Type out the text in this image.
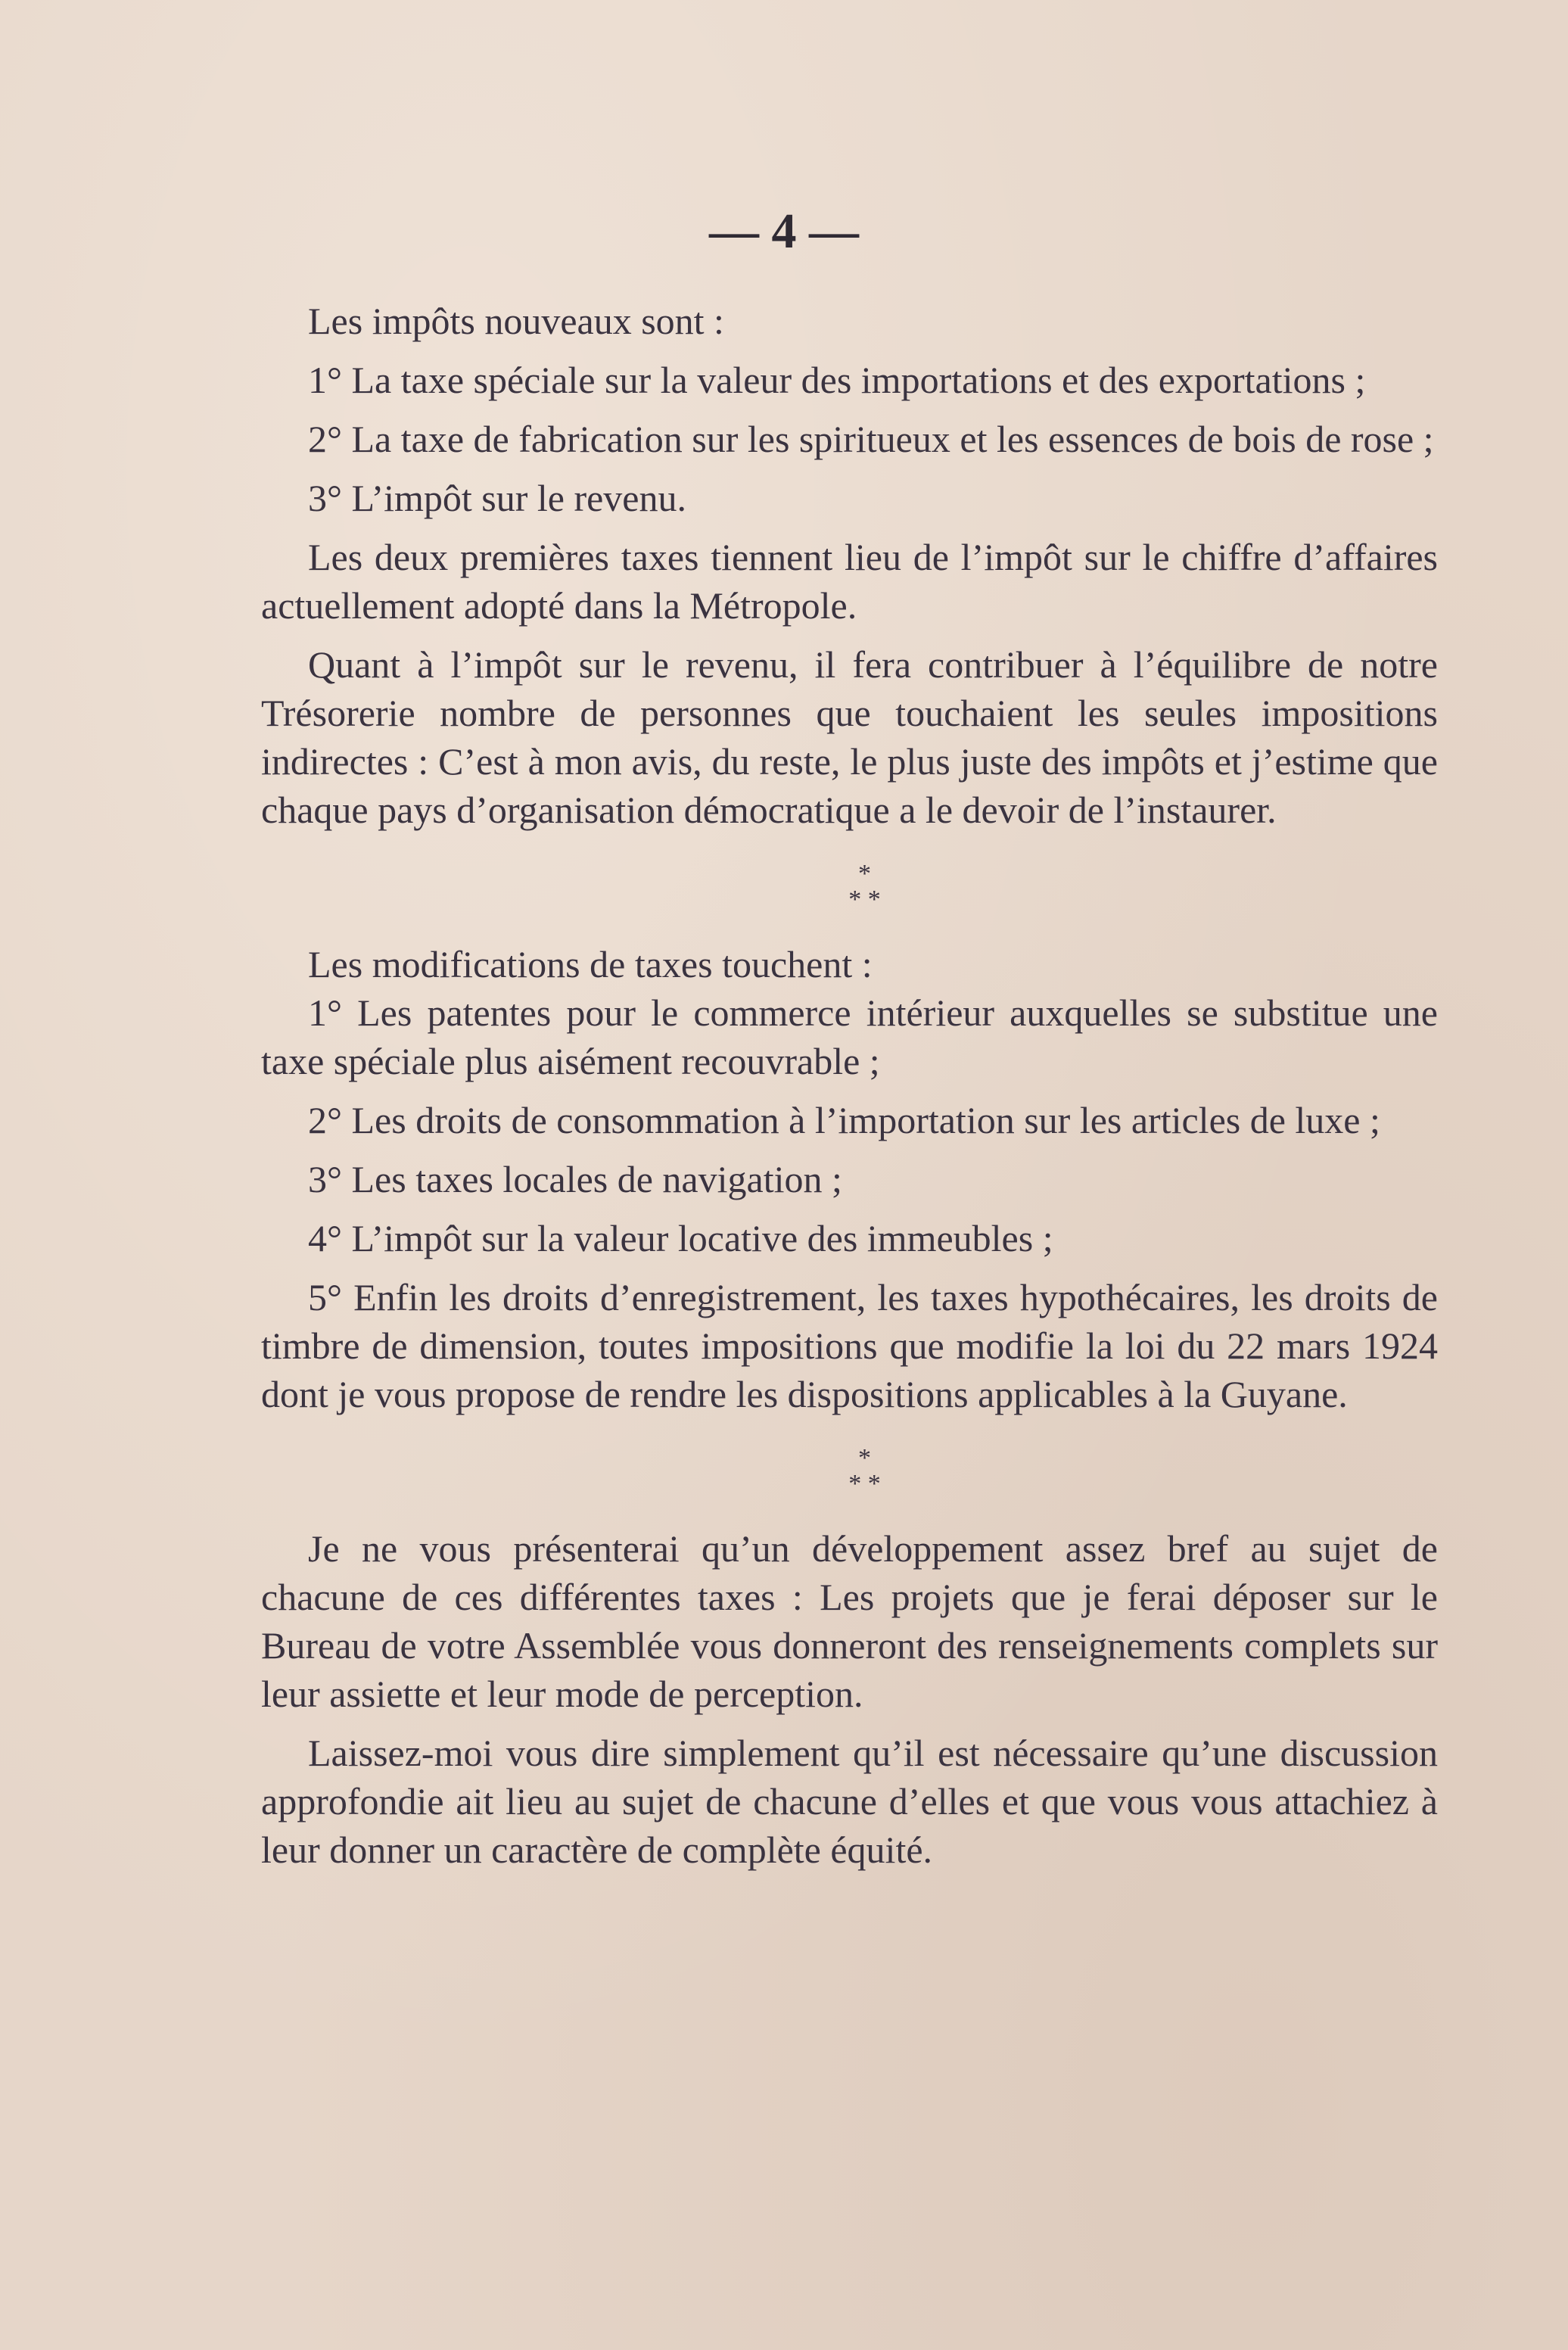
— 4 —

Les impôts nouveaux sont :

1° La taxe spéciale sur la valeur des importations et des exportations ;

2° La taxe de fabrication sur les spiritueux et les essences de bois de rose ;

3° L’impôt sur le revenu.

Les deux premières taxes tiennent lieu de l’impôt sur le chiffre d’affaires actuellement adopté dans la Métropole.

Quant à l’impôt sur le revenu, il fera contribuer à l’équilibre de notre Trésorerie nombre de personnes que touchaient les seules impositions indirectes : C’est à mon avis, du reste, le plus juste des impôts et j’estime que chaque pays d’organisation démocratique a le devoir de l’instaurer.

*

* *

Les modifications de taxes touchent :

1° Les patentes pour le commerce intérieur auxquelles se substitue une taxe spéciale plus aisément recouvrable ;

2° Les droits de consommation à l’importation sur les articles de luxe ;

3° Les taxes locales de navigation ;

4° L’impôt sur la valeur locative des immeubles ;

5° Enfin les droits d’enregistrement, les taxes hypothécaires, les droits de timbre de dimension, toutes impositions que modifie la loi du 22 mars 1924 dont je vous propose de rendre les dispositions applicables à la Guyane.

*

* *

Je ne vous présenterai qu’un développement assez bref au sujet de chacune de ces différentes taxes : Les projets que je ferai déposer sur le Bureau de votre Assemblée vous donneront des renseignements complets sur leur assiette et leur mode de perception.

Laissez-moi vous dire simplement qu’il est nécessaire qu’une discussion approfondie ait lieu au sujet de chacune d’elles et que vous vous attachiez à leur donner un caractère de complète équité.
